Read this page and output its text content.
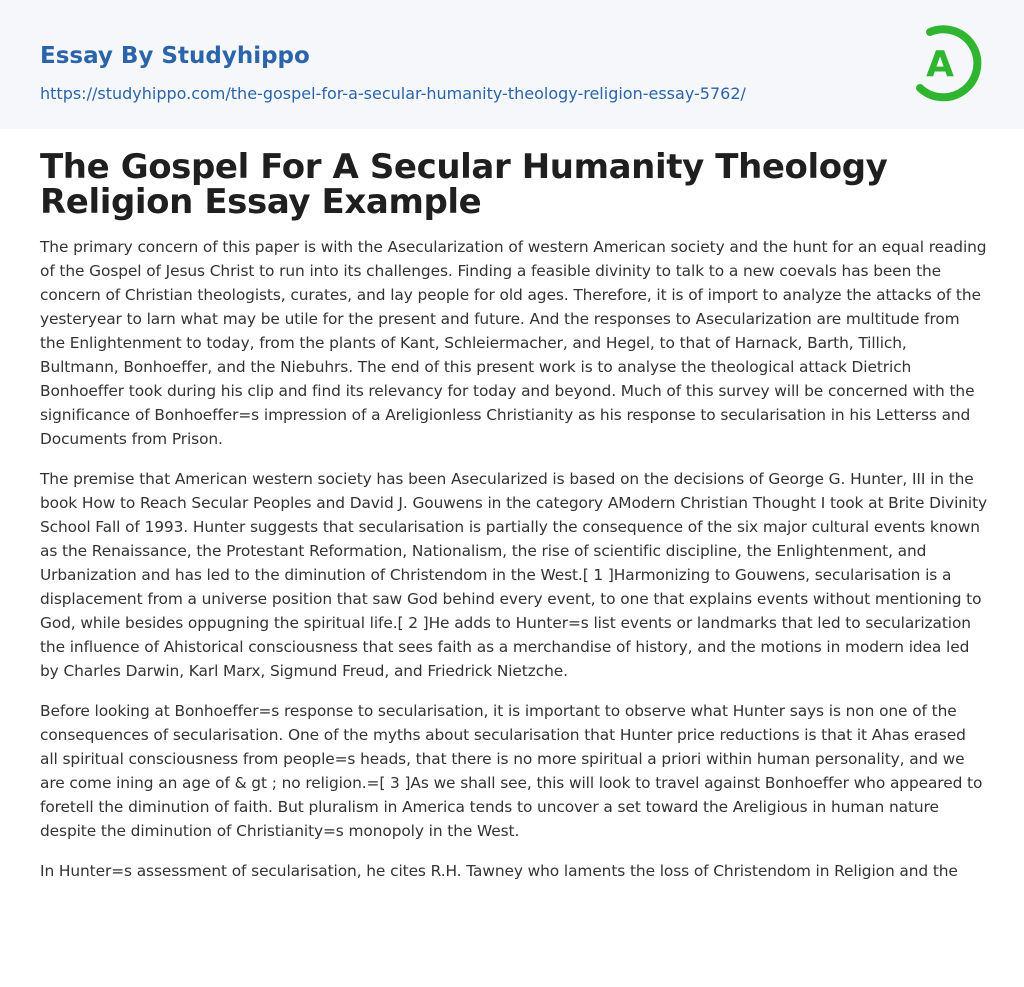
Essay By Studyhippo
https://studyhippo.com/the-gospel-for-a-secular-humanity-theology-religion-essay-5762/
A
The Gospel For A Secular Humanity Theology Religion Essay Example

The primary concern of this paper is with the Asecularization of western American society and the hunt for an equal reading of the Gospel of Jesus Christ to run into its challenges. Finding a feasible divinity to talk to a new coevals has been the concern of Christian theologists, curates, and lay people for old ages. Therefore, it is of import to analyze the attacks of the yesteryear to larn what may be utile for the present and future. And the responses to Asecularization are multitude from the Enlightenment to today, from the plants of Kant, Schleiermacher, and Hegel, to that of Harnack, Barth, Tillich, Bultmann, Bonhoeffer, and the Niebuhrs. The end of this present work is to analyse the theological attack Dietrich Bonhoeffer took during his clip and find its relevancy for today and beyond. Much of this survey will be concerned with the significance of Bonhoeffer=s impression of a Areligionless Christianity as his response to secularisation in his Letterss and Documents from Prison.

The premise that American western society has been Asecularized is based on the decisions of George G. Hunter, III in the book How to Reach Secular Peoples and David J. Gouwens in the category AModern Christian Thought I took at Brite Divinity School Fall of 1993. Hunter suggests that secularisation is partially the consequence of the six major cultural events known as the Renaissance, the Protestant Reformation, Nationalism, the rise of scientific discipline, the Enlightenment, and Urbanization and has led to the diminution of Christendom in the West.[ 1 ]Harmonizing to Gouwens, secularisation is a displacement from a universe position that saw God behind every event, to one that explains events without mentioning to God, while besides oppugning the spiritual life.[ 2 ]He adds to Hunter=s list events or landmarks that led to secularization the influence of Ahistorical consciousness that sees faith as a merchandise of history, and the motions in modern idea led by Charles Darwin, Karl Marx, Sigmund Freud, and Friedrick Nietzche.

Before looking at Bonhoeffer=s response to secularisation, it is important to observe what Hunter says is non one of the consequences of secularisation. One of the myths about secularisation that Hunter price reductions is that it Ahas erased all spiritual consciousness from people=s heads, that there is no more spiritual a priori within human personality, and we are come ining an age of & gt ; no religion.=[ 3 ]As we shall see, this will look to travel against Bonhoeffer who appeared to foretell the diminution of faith. But pluralism in America tends to uncover a set toward the Areligious in human nature despite the diminution of Christianity=s monopoly in the West.

In Hunter=s assessment of secularisation, he cites R.H. Tawney who laments the loss of Christendom in Religion and the
